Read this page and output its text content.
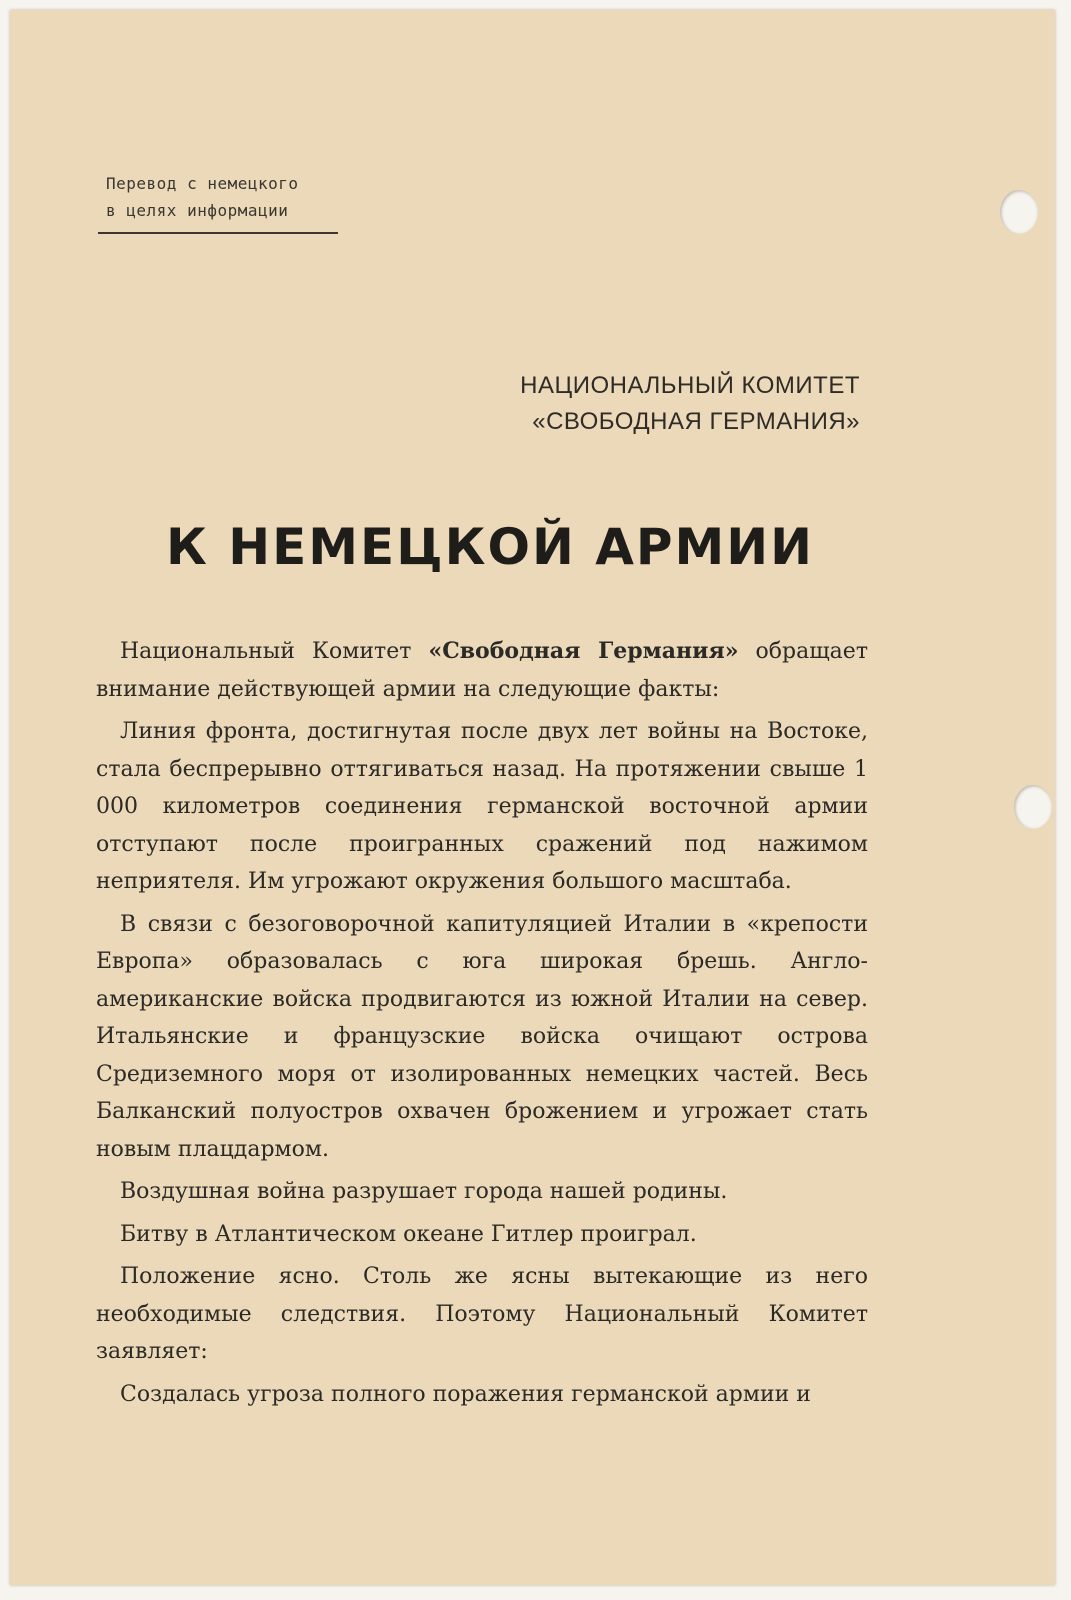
Перевод с немецкого
в целях информации
НАЦИОНАЛЬНЫЙ КОМИТЕТ
«СВОБОДНАЯ ГЕРМАНИЯ»
К НЕМЕЦКОЙ АРМИИ

Национальный Комитет «Свободная Германия» обращает внимание действующей армии на следующие факты:

Линия фронта, достигнутая после двух лет войны на Востоке, стала беспрерывно оттягиваться назад. На протяжении свыше 1 000 километров соединения германской восточной армии отступают после проигранных сражений под нажимом неприятеля. Им угрожают окружения большого масштаба.

В связи с безоговорочной капитуляцией Италии в «крепости Европа» образовалась с юга широкая брешь. Англо-американские войска продвигаются из южной Италии на север. Итальянские и французские войска очищают острова Средиземного моря от изолированных немецких частей. Весь Балканский полуостров охвачен брожением и угрожает стать новым плацдармом.

Воздушная война разрушает города нашей родины.

Битву в Атлантическом океане Гитлер проиграл.

Положение ясно. Столь же ясны вытекающие из него необходимые следствия. Поэтому Национальный Комитет заявляет:

Создалась угроза полного поражения германской армии и
